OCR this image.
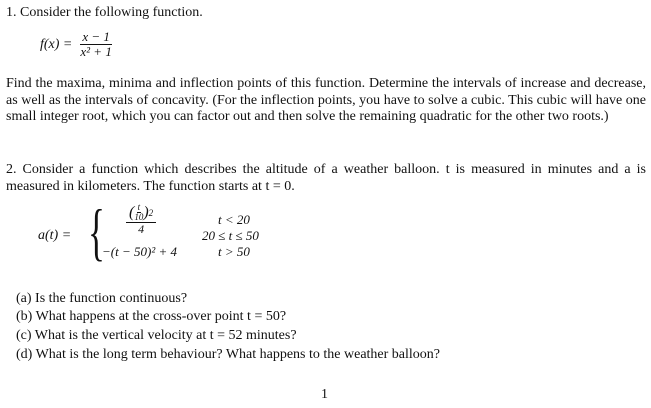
1. Consider the following function.
$f(x) = \frac{x - 1}{\text{x² + 1}}$
Find the maxima, minima and inflection points of this function. Determine the intervals of increase and decrease, as well as the intervals of concavity. (For the inflection points, you have to solve a cubic. This cubic will have one small integer root, which you can factor out and then solve the remaining quadratic for the other two roots.)
2. Consider a function which describes the altitude of a weather balloon. t is measured in minutes and a is measured in kilometers. The function starts at t = 0.
a(t) = { ( $\frac{t}{10}$ ) 2
4
−(t − 50)² + 4
t < 20
20 ≤ t ≤ 50
t > 50
(a) Is the function continuous?
(b) What happens at the cross-over point t = 50?
(c) What is the vertical velocity at t = 52 minutes?
(d) What is the long term behaviour? What happens to the weather balloon?
1
